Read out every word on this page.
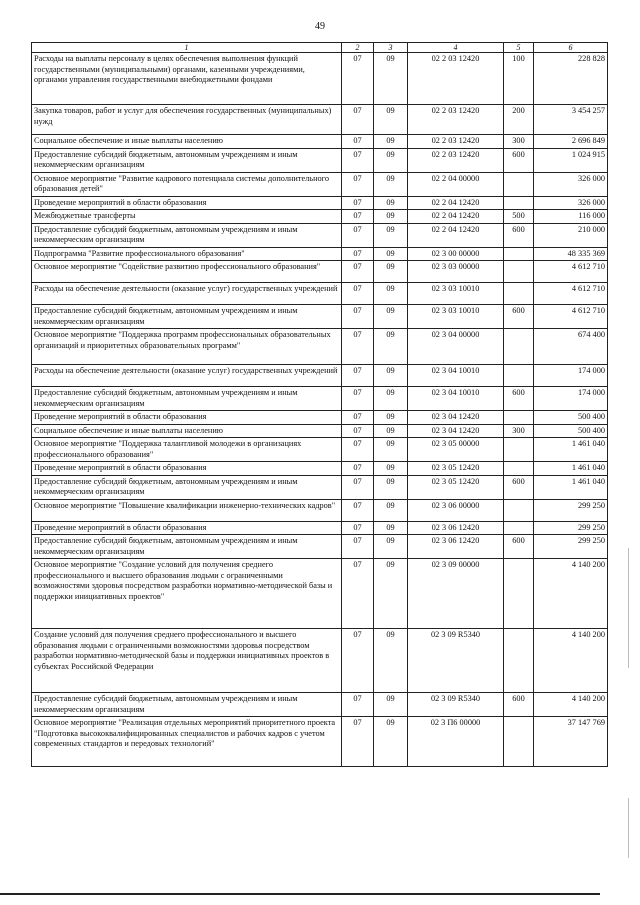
49
1	2	3	4	5	6
Расходы на выплаты персоналу в целях обеспечения выполнения функций государственными (муниципальными) органами, казенными учреждениями, органами управления государственными внебюджетными фондами	07	09	02 2 03 12420	100	228 828
Закупка товаров, работ и услуг для обеспечения государственных (муниципальных) нужд	07	09	02 2 03 12420	200	3 454 257
Социальное обеспечение и иные выплаты населению	07	09	02 2 03 12420	300	2 696 849
Предоставление субсидий бюджетным, автономным учреждениям и иным некоммерческим организациям	07	09	02 2 03 12420	600	1 024 915
Основное мероприятие "Развитие кадрового потенциала системы дополнительного образования детей"	07	09	02 2 04 00000		326 000
Проведение мероприятий в области образования	07	09	02 2 04 12420		326 000
Межбюджетные трансферты	07	09	02 2 04 12420	500	116 000
Предоставление субсидий бюджетным, автономным учреждениям и иным некоммерческим организациям	07	09	02 2 04 12420	600	210 000
Подпрограмма "Развитие профессионального образования"	07	09	02 3 00 00000		48 335 369
Основное мероприятие "Содействие развитию профессионального образования"	07	09	02 3 03 00000		4 612 710
Расходы на обеспечение деятельности (оказание услуг) государственных учреждений	07	09	02 3 03 10010		4 612 710
Предоставление субсидий бюджетным, автономным учреждениям и иным некоммерческим организациям	07	09	02 3 03 10010	600	4 612 710
Основное мероприятие "Поддержка программ профессиональных образовательных организаций и приоритетных образовательных программ"	07	09	02 3 04 00000		674 400
Расходы на обеспечение деятельности (оказание услуг) государственных учреждений	07	09	02 3 04 10010		174 000
Предоставление субсидий бюджетным, автономным учреждениям и иным некоммерческим организациям	07	09	02 3 04 10010	600	174 000
Проведение мероприятий в области образования	07	09	02 3 04 12420		500 400
Социальное обеспечение и иные выплаты населению	07	09	02 3 04 12420	300	500 400
Основное мероприятие "Поддержка талантливой молодежи в организациях профессионального образования"	07	09	02 3 05 00000		1 461 040
Проведение мероприятий в области образования	07	09	02 3 05 12420		1 461 040
Предоставление субсидий бюджетным, автономным учреждениям и иным некоммерческим организациям	07	09	02 3 05 12420	600	1 461 040
Основное мероприятие "Повышение квалификации инженерно-технических кадров"	07	09	02 3 06 00000		299 250
Проведение мероприятий в области образования	07	09	02 3 06 12420		299 250
Предоставление субсидий бюджетным, автономным учреждениям и иным некоммерческим организациям	07	09	02 3 06 12420	600	299 250
Основное мероприятие "Создание условий для получения среднего профессионального и высшего образования людьми с ограниченными возможностями здоровья посредством разработки нормативно-методической базы и поддержки инициативных проектов"	07	09	02 3 09 00000		4 140 200
Создание условий для получения среднего профессионального и высшего образования людьми с ограниченными возможностями здоровья посредством разработки нормативно-методической базы и поддержки инициативных проектов в субъектах Российской Федерации	07	09	02 3 09 R5340		4 140 200
Предоставление субсидий бюджетным, автономным учреждениям и иным некоммерческим организациям	07	09	02 3 09 R5340	600	4 140 200
Основное мероприятие "Реализация отдельных мероприятий приоритетного проекта "Подготовка высококвалифицированных специалистов и рабочих кадров с учетом современных стандартов и передовых технологий"	07	09	02 3 П6 00000		37 147 769
